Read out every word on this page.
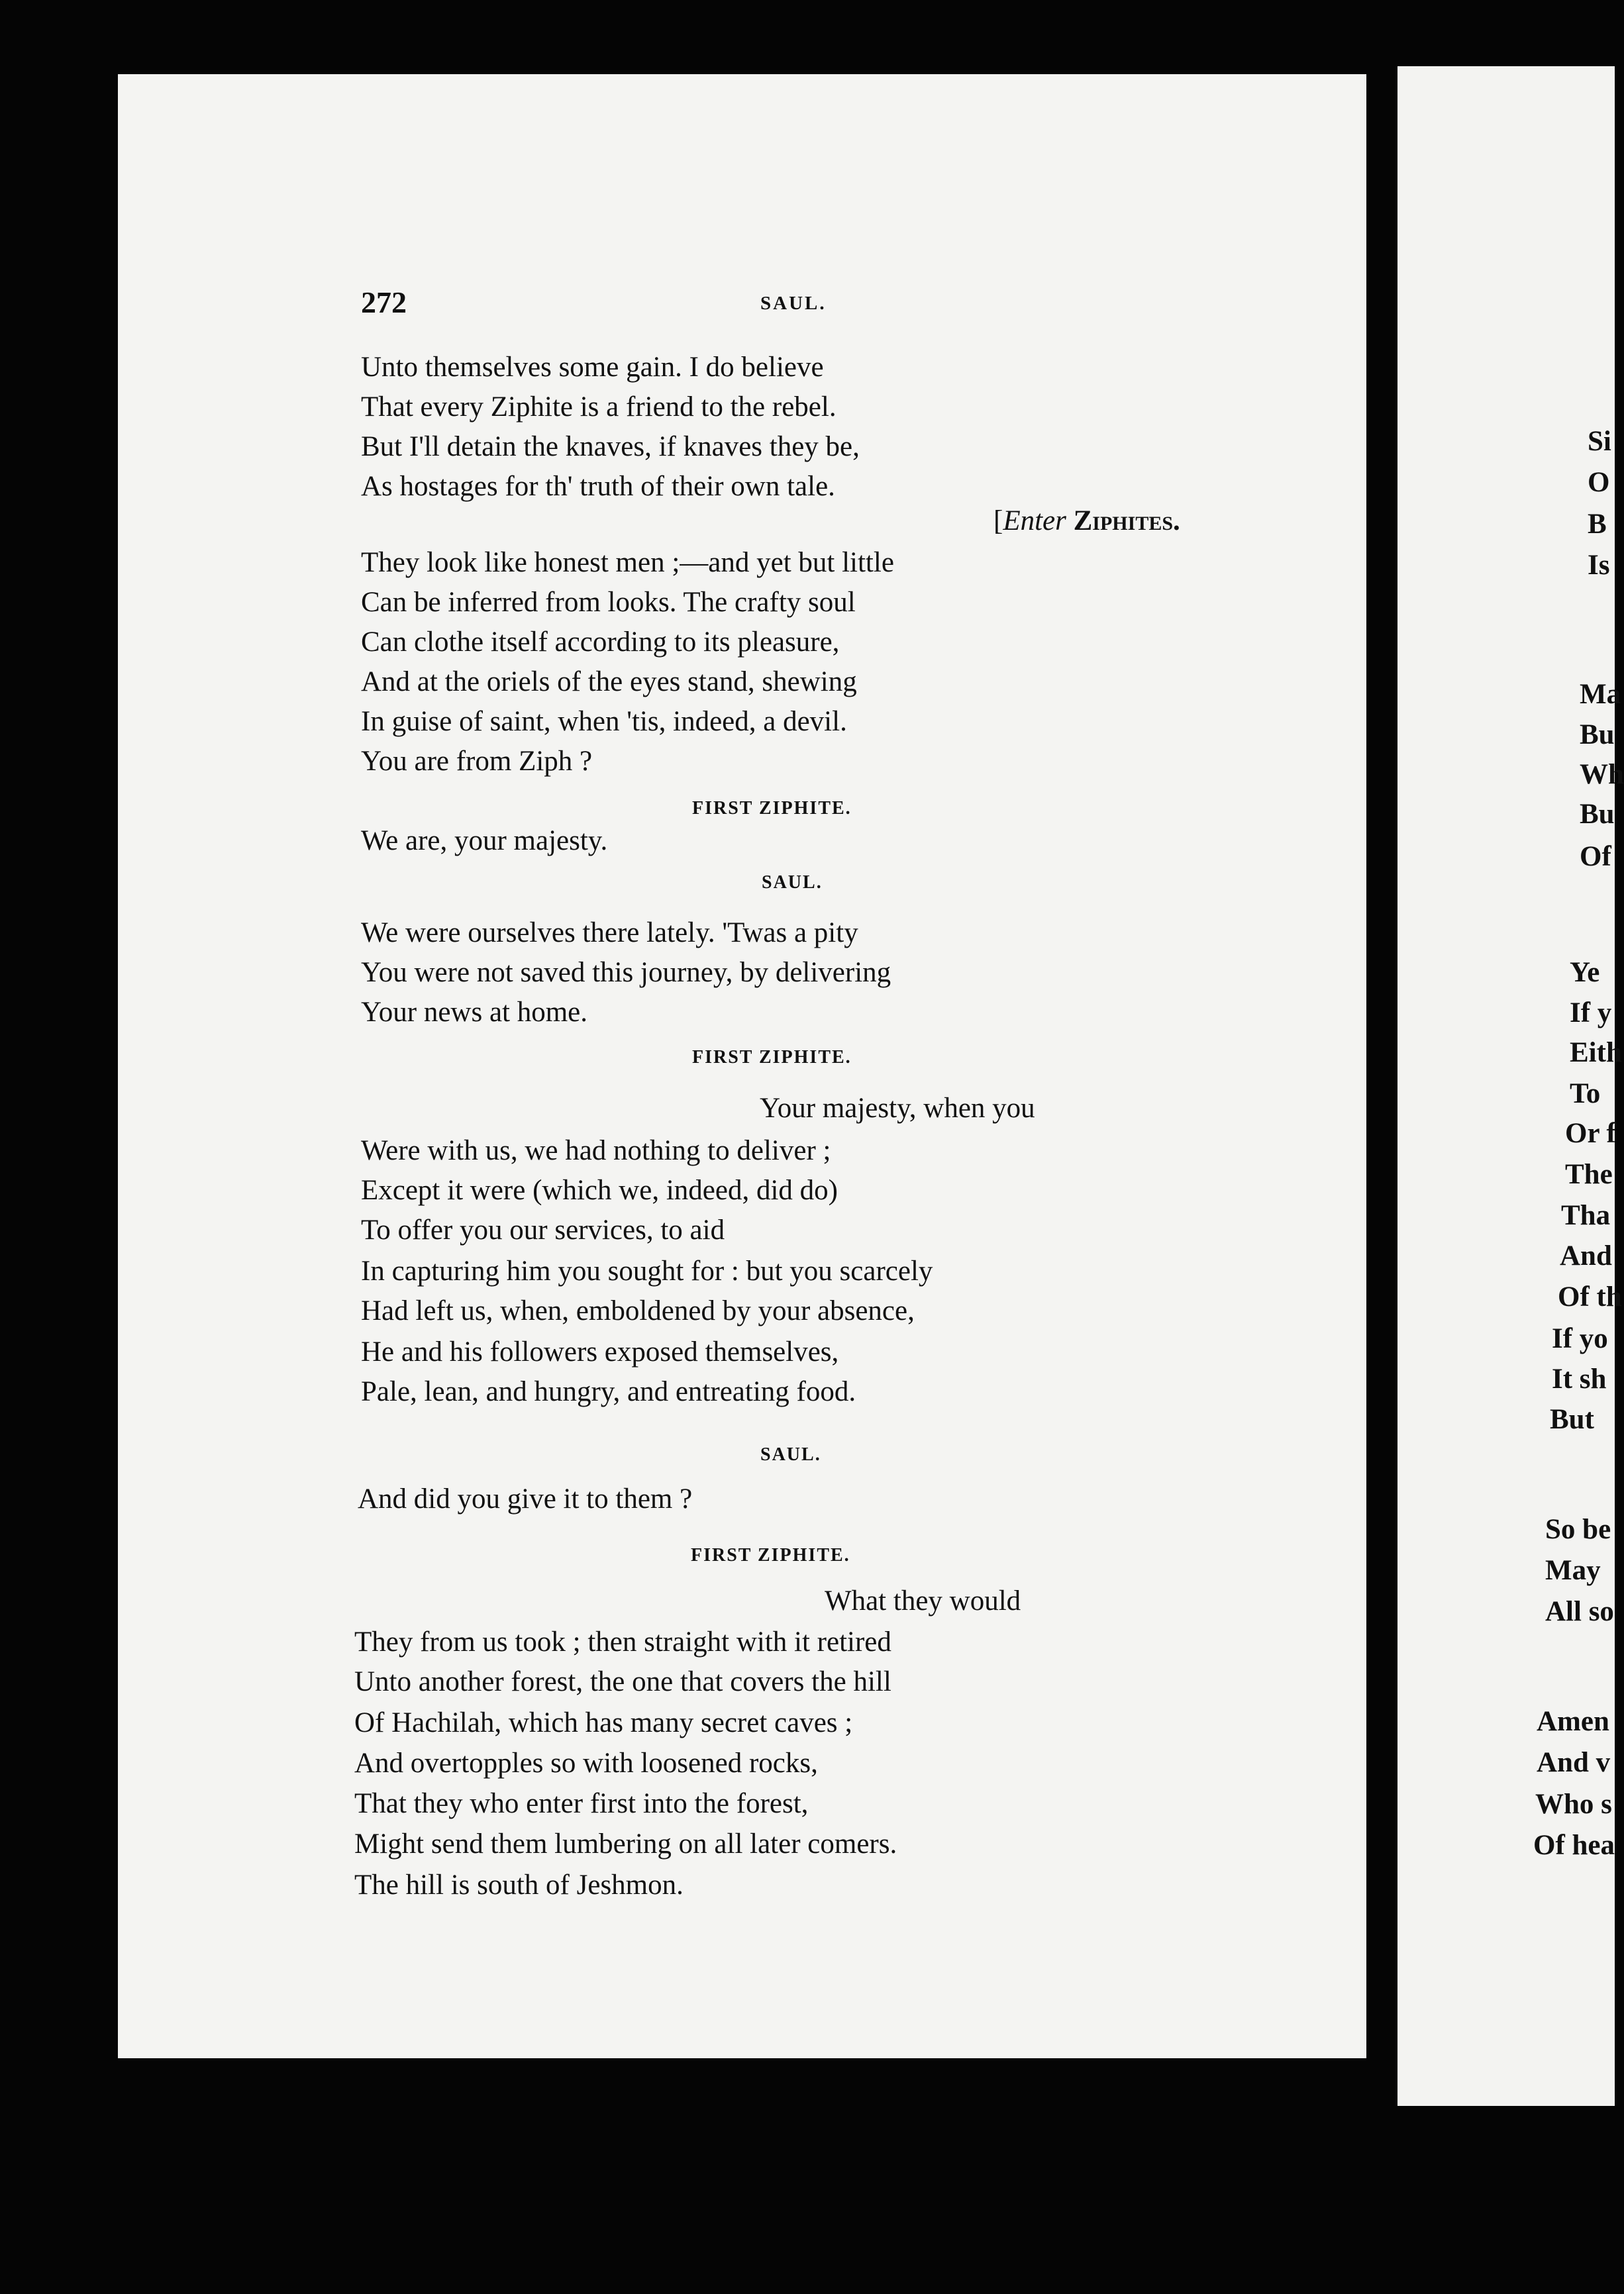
272	SAUL.
Unto themselves some gain. I do believe
That every Ziphite is a friend to the rebel.
But I'll detain the knaves, if knaves they be,
As hostages for th' truth of their own tale.
[Enter Ziphites.
They look like honest men ;—and yet but little
Can be inferred from looks. The crafty soul
Can clothe itself according to its pleasure,
And at the oriels of the eyes stand, shewing
In guise of saint, when 'tis, indeed, a devil.
You are from Ziph ?
FIRST ZIPHITE.
We are, your majesty.
SAUL.
We were ourselves there lately. 'Twas a pity
You were not saved this journey, by delivering
Your news at home.
FIRST ZIPHITE.
Your majesty, when you
Were with us, we had nothing to deliver ;
Except it were (which we, indeed, did do)
To offer you our services, to aid
In capturing him you sought for : but you scarcely
Had left us, when, emboldened by your absence,
He and his followers exposed themselves,
Pale, lean, and hungry, and entreating food.
SAUL.
And did you give it to them ?
FIRST ZIPHITE.
What they would
They from us took ; then straight with it retired
Unto another forest, the one that covers the hill
Of Hachilah, which has many secret caves ;
And overtopples so with loosened rocks,
That they who enter first into the forest,
Might send them lumbering on all later comers.
The hill is south of Jeshmon.
Si
O
B
Is
Ma
Bu
Wh
Bu
Of
Ye
If y
Eith
To
Or f
The
Tha
And
Of th
If yo
It sh
But
So be
May
All so
Amen
And v
Who s
Of hea
